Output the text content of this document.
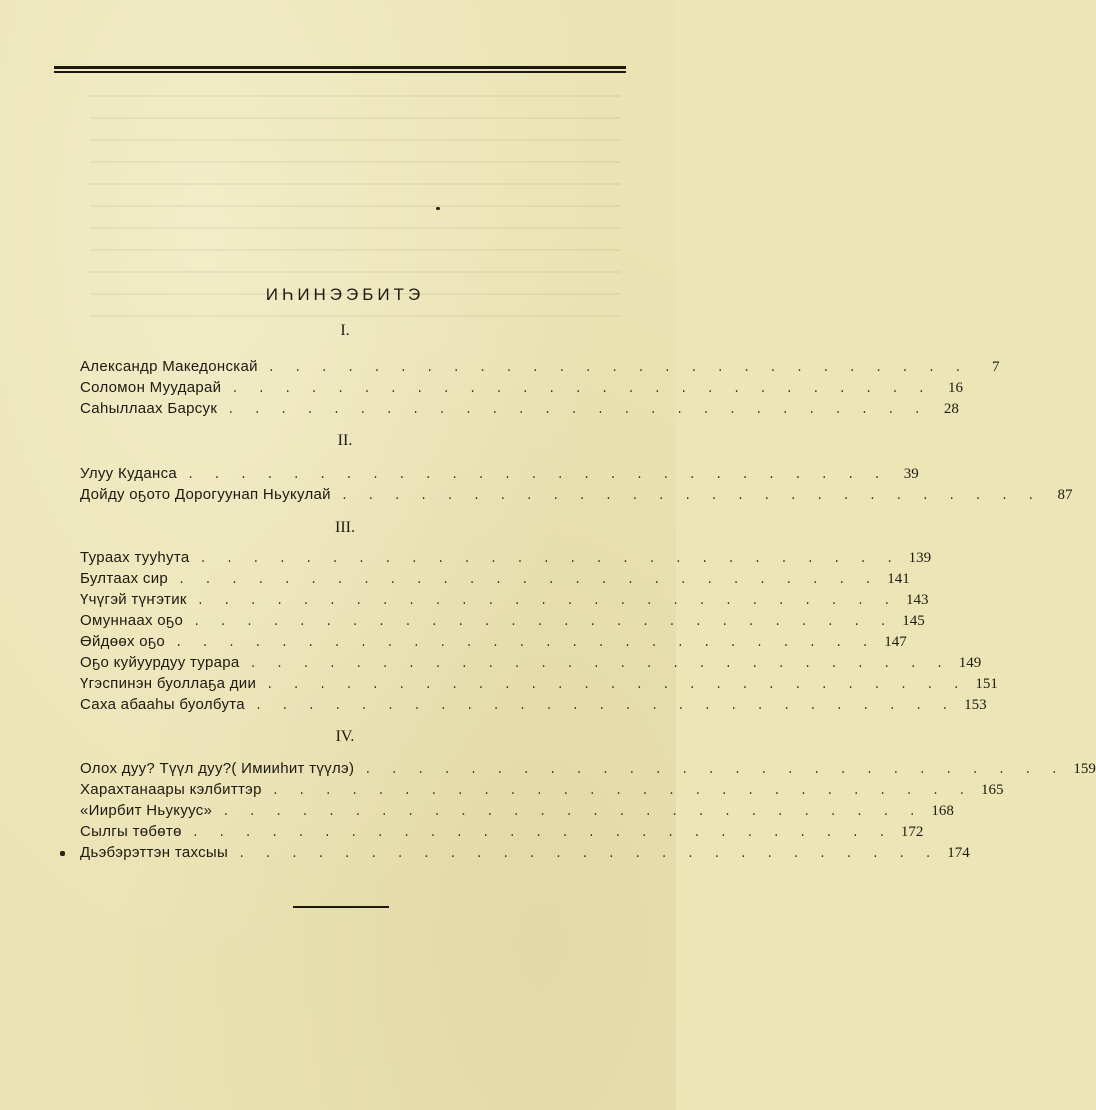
ИҺИНЭЭБИТЭ
I.
Александр Македонскай . . . . . . . . . . . . . . . . . . . . . . . . . . .	7
Соломон Муударай . . . . . . . . . . . . . . . . . . . . . . . . . . .	16
Саһыллаах Барсук . . . . . . . . . . . . . . . . . . . . . . . . . . .	28
II.
Улуу Куданса . . . . . . . . . . . . . . . . . . . . . . . . . . .	39
Дойду оҕото Дорогуунап Ньукулай . . . . . . . . . . . . . . . . . . . . . . . . . . .	87
III.
Тураах тууһута . . . . . . . . . . . . . . . . . . . . . . . . . . . 139
Бултаах сир . . . . . . . . . . . . . . . . . . . . . . . . . . . 141
Үчүгэй түҥэтик . . . . . . . . . . . . . . . . . . . . . . . . . . . 143
Омуннаах оҕо . . . . . . . . . . . . . . . . . . . . . . . . . . . 145
Өйдөөх оҕо . . . . . . . . . . . . . . . . . . . . . . . . . . . 147
Оҕо куйуурдуу турара . . . . . . . . . . . . . . . . . . . . . . . . . . . 149
Үгэспинэн буоллаҕа дии . . . . . . . . . . . . . . . . . . . . . . . . . . . 151
Саха абааһы буолбута . . . . . . . . . . . . . . . . . . . . . . . . . . . 153
IV.
Олох дуу? Түүл дуу?( Имииһит түүлэ) . . . . . . . . . . . . . . . . . . . . . . . . . . . 159
Харахтанаары кэлбиттэр . . . . . . . . . . . . . . . . . . . . . . . . . . . 165
«Иирбит Ньукуус» . . . . . . . . . . . . . . . . . . . . . . . . . . . 168
Сылгы төбөтө . . . . . . . . . . . . . . . . . . . . . . . . . . . 172
Дьэбэрэттэн тахсыы . . . . . . . . . . . . . . . . . . . . . . . . . . . 174
